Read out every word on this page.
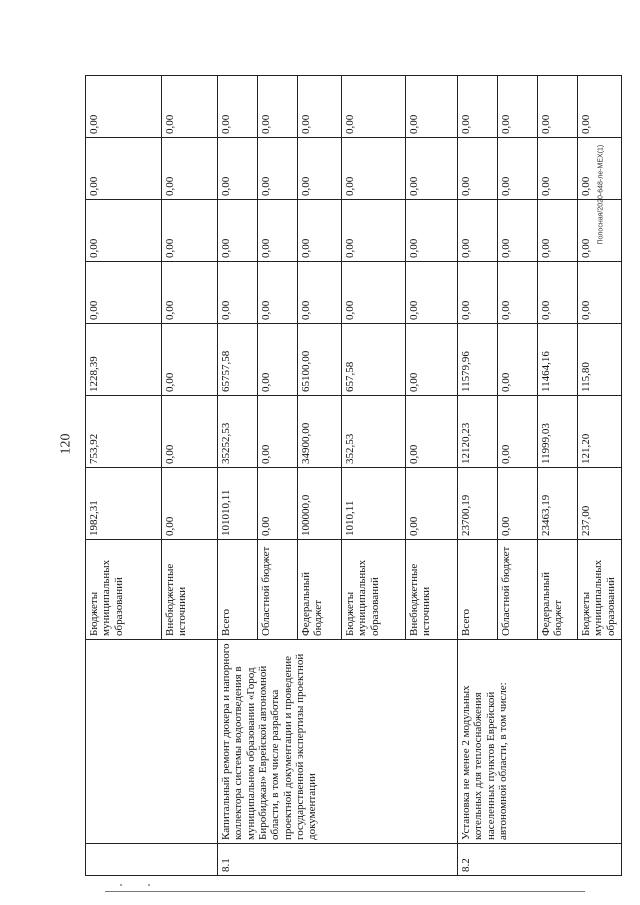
120
Полосная/2020-648-ле-МЕХ(1)
		Бюджеты муниципальных образований	1982,31	753,92	1228,39	0,00	0,00	0,00	0,00
		Внебюджетные источники	0,00	0,00	0,00	0,00	0,00	0,00	0,00
8.1	Капитальный ремонт дюкера и напорного коллектора системы водоотведения в муниципальном образовании «Город Биробиджан» Еврейской автономной области, в том числе разработка проектной документации и проведение государственной экспертизы проектной документации	Всего	101010,11	35252,53	65757,58	0,00	0,00	0,00	0,00
		Областной бюджет	0,00	0,00	0,00	0,00	0,00	0,00	0,00
		Федеральный бюджет	100000,0	34900,00	65100,00	0,00	0,00	0,00	0,00
		Бюджеты муниципальных образований	1010,11	352,53	657,58	0,00	0,00	0,00	0,00
		Внебюджетные источники	0,00	0,00	0,00	0,00	0,00	0,00	0,00
8.2	Установка не менее 2 модульных котельных для теплоснабжения населенных пунктов Еврейской автономной области, в том числе:	Всего	23700,19	12120,23	11579,96	0,00	0,00	0,00	0,00
		Областной бюджет	0,00	0,00	0,00	0,00	0,00	0,00	0,00
		Федеральный бюджет	23463,19	11999,03	11464,16	0,00	0,00	0,00	0,00
		Бюджеты муниципальных образований	237,00	121,20	115,80	0,00	0,00	0,00	0,00
